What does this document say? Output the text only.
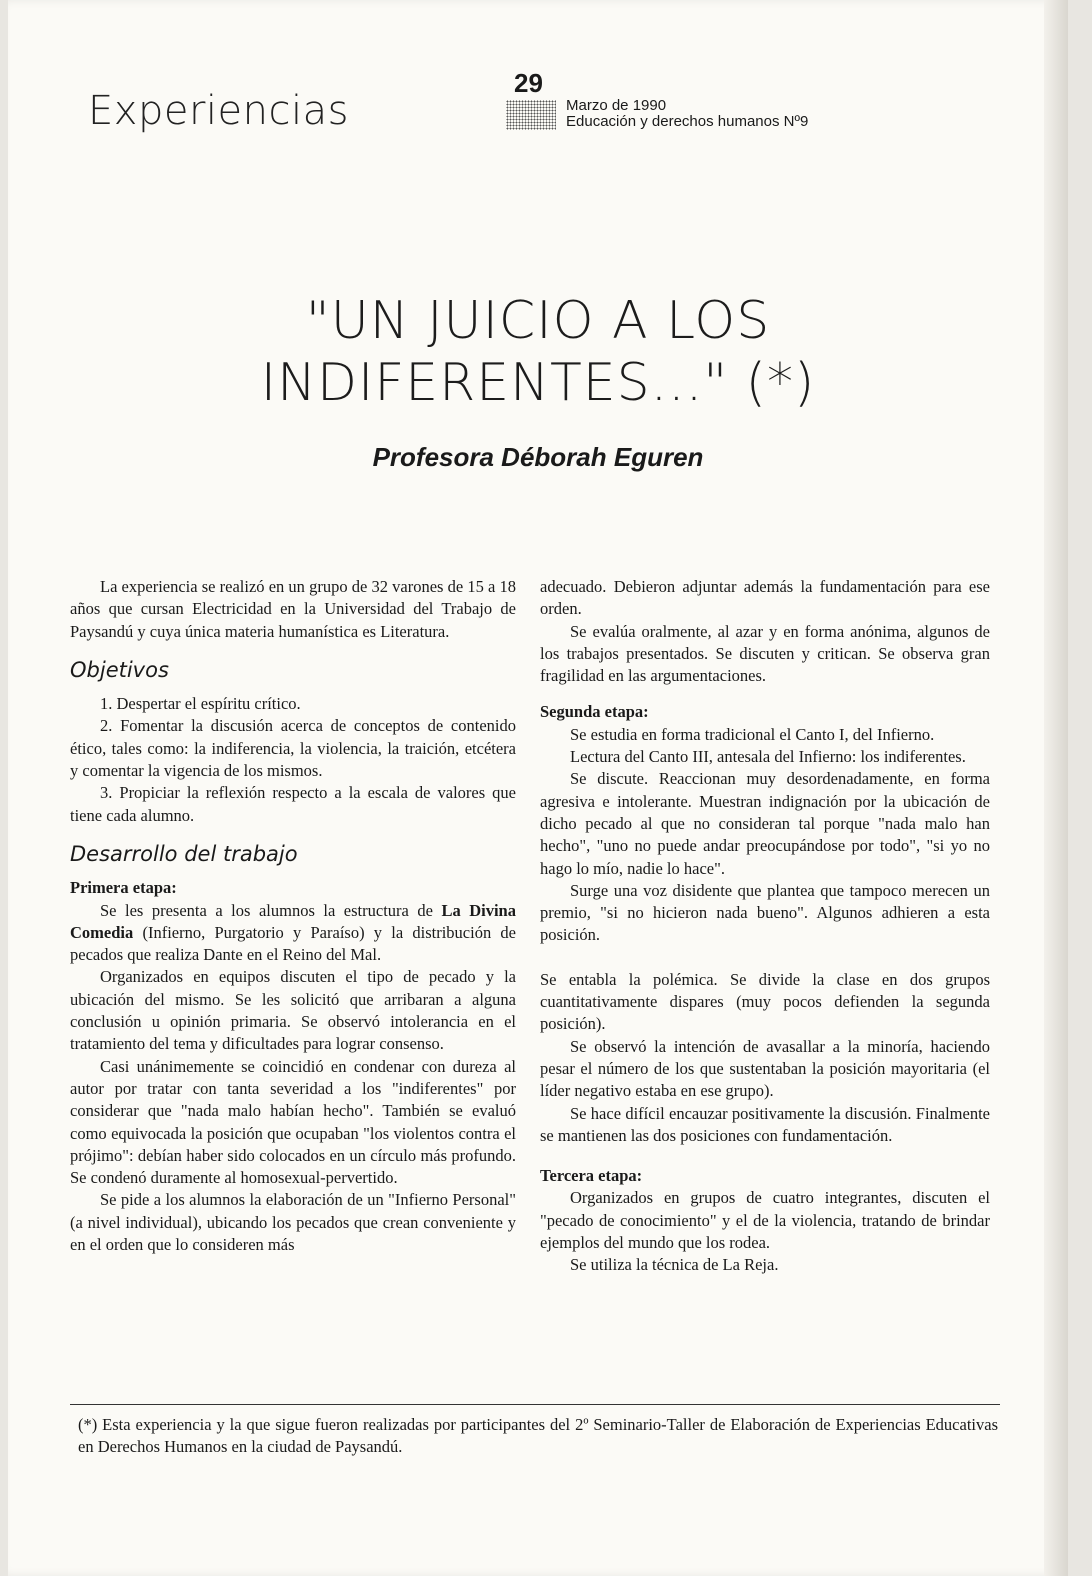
Experiencias
29
Marzo de 1990
Educación y derechos humanos Nº9
"UN JUICIO A LOS
INDIFERENTES..." (*)
Profesora Déborah Eguren

La experiencia se realizó en un grupo de 32 varones de 15 a 18 años que cursan Electricidad en la Universidad del Trabajo de Paysandú y cuya única materia humanística es Literatura.

Objetivos
1. Despertar el espíritu crítico.
2. Fomentar la discusión acerca de conceptos de contenido ético, tales como: la indiferencia, la violencia, la traición, etcétera y comentar la vigencia de los mismos.
3. Propiciar la reflexión respecto a la escala de valores que tiene cada alumno.
Desarrollo del trabajo
Primera etapa:

Se les presenta a los alumnos la estructura de La Divina Comedia (Infierno, Purgatorio y Paraíso) y la distribución de pecados que realiza Dante en el Reino del Mal.

Organizados en equipos discuten el tipo de pecado y la ubicación del mismo. Se les solicitó que arribaran a alguna conclusión u opinión primaria. Se observó intolerancia en el tratamiento del tema y dificultades para lograr consenso.

Casi unánimemente se coincidió en condenar con dureza al autor por tratar con tanta severidad a los "indiferentes" por considerar que "nada malo habían hecho". También se evaluó como equivocada la posición que ocupaban "los violentos contra el prójimo": debían haber sido colocados en un círculo más profundo. Se condenó duramente al homosexual-pervertido.

Se pide a los alumnos la elaboración de un "Infierno Personal" (a nivel individual), ubicando los pecados que crean conveniente y en el orden que lo consideren más

adecuado. Debieron adjuntar además la fundamentación para ese orden.

Se evalúa oralmente, al azar y en forma anónima, algunos de los trabajos presentados. Se discuten y critican. Se observa gran fragilidad en las argumentaciones.

Segunda etapa:

Se estudia en forma tradicional el Canto I, del Infierno.

Lectura del Canto III, antesala del Infierno: los indiferentes.

Se discute. Reaccionan muy desordenadamente, en forma agresiva e intolerante. Muestran indignación por la ubicación de dicho pecado al que no consideran tal porque "nada malo han hecho", "uno no puede andar preocupándose por todo", "si yo no hago lo mío, nadie lo hace".

Surge una voz disidente que plantea que tampoco merecen un premio, "si no hicieron nada bueno". Algunos adhieren a esta posición.

Se entabla la polémica. Se divide la clase en dos grupos cuantitativamente dispares (muy pocos defienden la segunda posición).

Se observó la intención de avasallar a la minoría, haciendo pesar el número de los que sustentaban la posición mayoritaria (el líder negativo estaba en ese grupo).

Se hace difícil encauzar positivamente la discusión. Finalmente se mantienen las dos posiciones con fundamentación.

Tercera etapa:

Organizados en grupos de cuatro integrantes, discuten el "pecado de conocimiento" y el de la violencia, tratando de brindar ejemplos del mundo que los rodea.

Se utiliza la técnica de La Reja.

(*) Esta experiencia y la que sigue fueron realizadas por participantes del 2º Seminario-Taller de Elaboración de Experiencias Educativas en Derechos Humanos en la ciudad de Paysandú.
